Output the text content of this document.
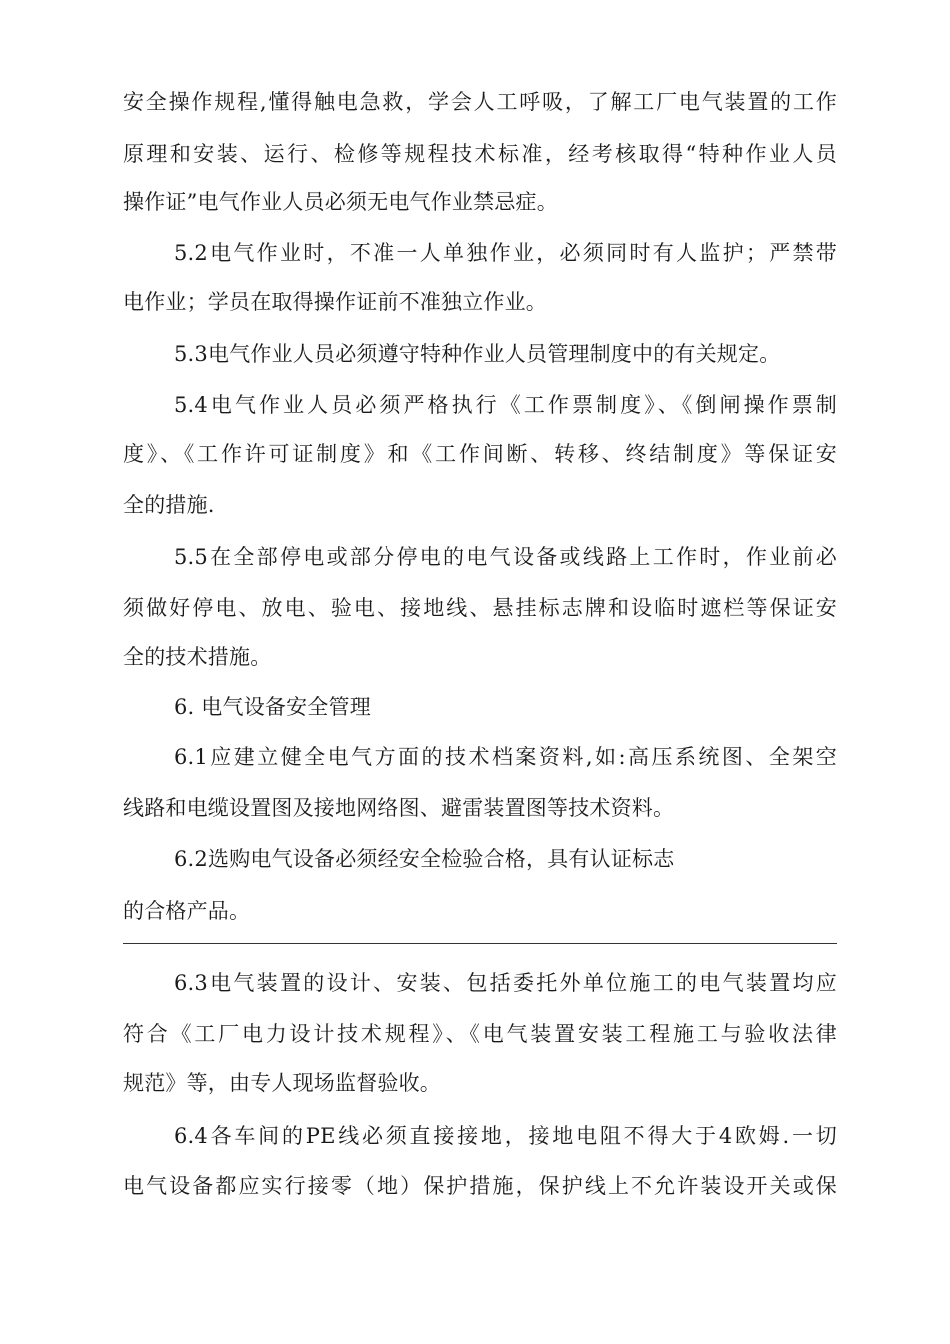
安全操作规程,懂得触电急救，学会人工呼吸，了解工厂电气装置的工作
原理和安装、运行、检修等规程技术标准，经考核取得“特种作业人员
操作证”电气作业人员必须无电气作业禁忌症。
5.2电气作业时，不准一人单独作业，必须同时有人监护；严禁带
电作业；学员在取得操作证前不准独立作业。
5.3电气作业人员必须遵守特种作业人员管理制度中的有关规定。
5.4电气作业人员必须严格执行《工作票制度》、《倒闸操作票制
度》、《工作许可证制度》和《工作间断、转移、终结制度》等保证安
全的措施.
5.5在全部停电或部分停电的电气设备或线路上工作时，作业前必
须做好停电、放电、验电、接地线、悬挂标志牌和设临时遮栏等保证安
全的技术措施。
6. 电气设备安全管理
6.1应建立健全电气方面的技术档案资料,如:高压系统图、全架空
线路和电缆设置图及接地网络图、避雷装置图等技术资料。
6.2选购电气设备必须经安全检验合格，具有认证标志
的合格产品。
6.3电气装置的设计、安装、包括委托外单位施工的电气装置均应
符合《工厂电力设计技术规程》、《电气装置安装工程施工与验收法律
规范》等，由专人现场监督验收。
6.4各车间的PE线必须直接接地，接地电阻不得大于4欧姆.一切
电气设备都应实行接零（地）保护措施，保护线上不允许装设开关或保
